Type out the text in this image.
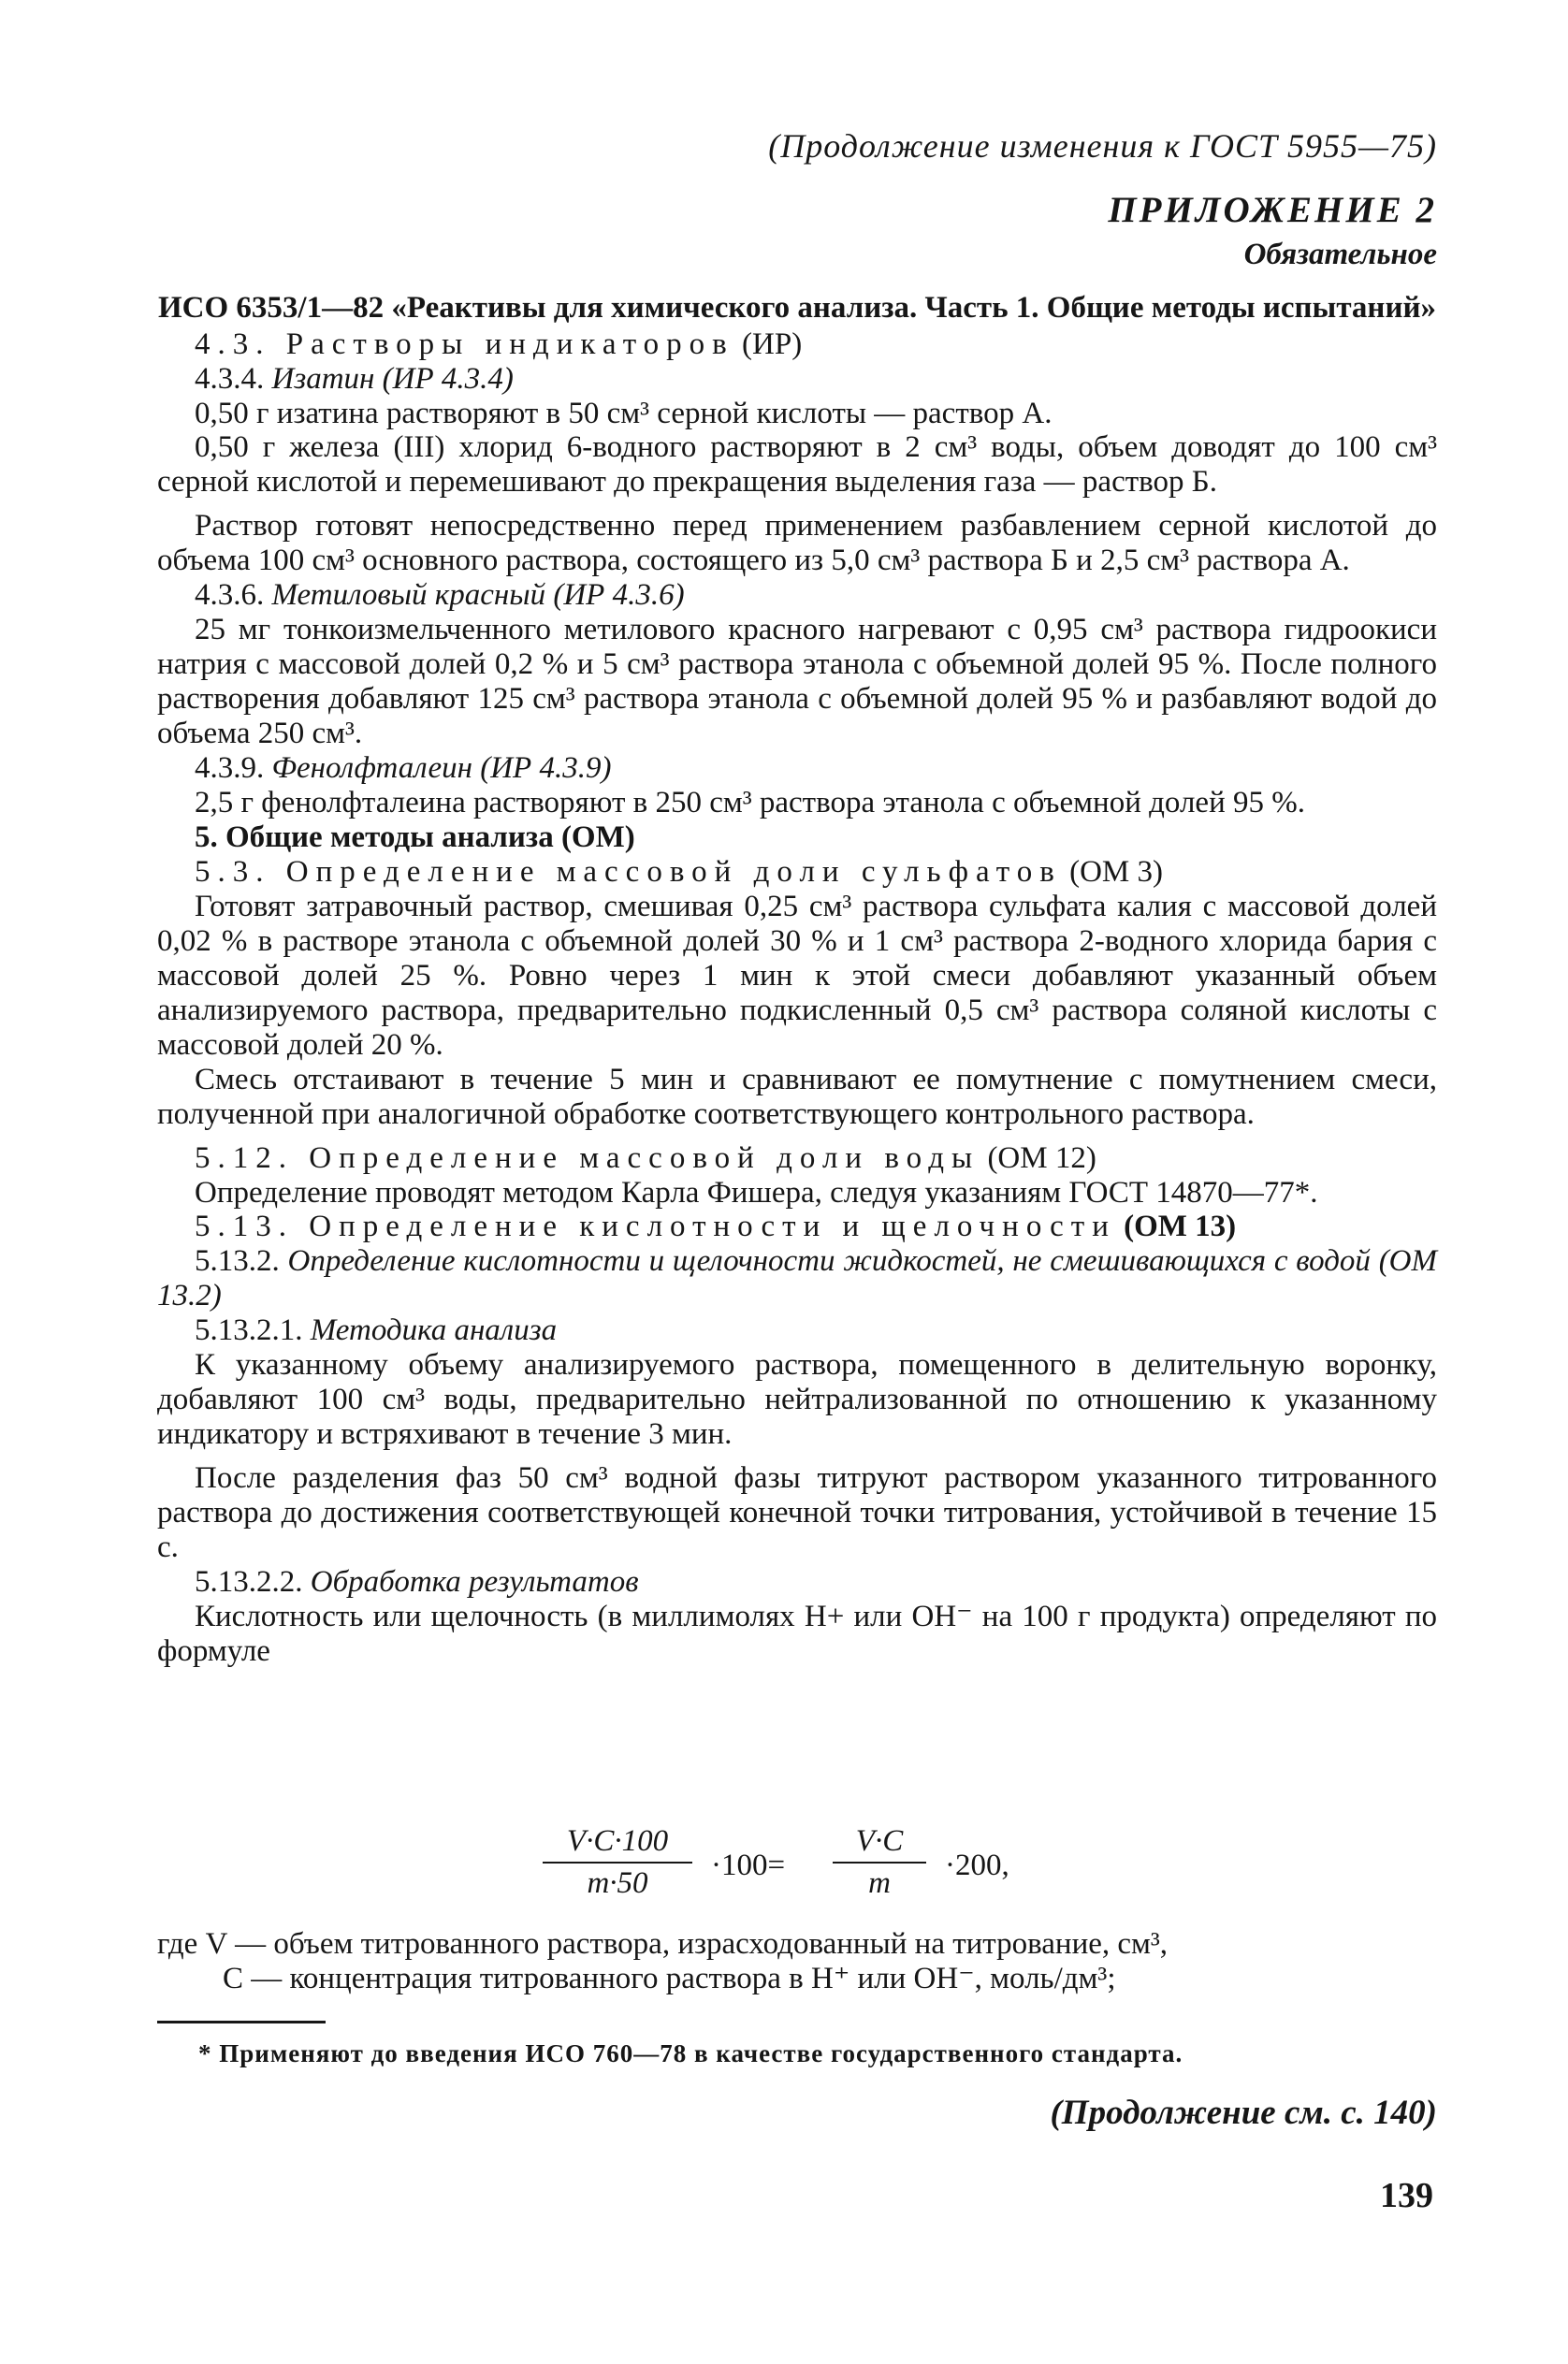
(Продолжение изменения к ГОСТ 5955—75)
ПРИЛОЖЕНИЕ 2
Обязательное

ИСО 6353/1—82 «Реактивы для химического анализа. Часть 1. Общие методы испытаний»

4.3. Растворы индикаторов (ИР)

4.3.4. Изатин (ИР 4.3.4)

0,50 г изатина растворяют в 50 см³ серной кислоты — раствор А.

0,50 г железа (III) хлорид 6-водного растворяют в 2 см³ воды, объем доводят до 100 см³ серной кислотой и перемешивают до прекращения выделения газа — раствор Б.

Раствор готовят непосредственно перед применением разбавлением серной кислотой до объема 100 см³ основного раствора, состоящего из 5,0 см³ раствора Б и 2,5 см³ раствора А.

4.3.6. Метиловый красный (ИР 4.3.6)

25 мг тонкоизмельченного метилового красного нагревают с 0,95 см³ раствора гидроокиси натрия с массовой долей 0,2 % и 5 см³ раствора этанола с объемной долей 95 %. После полного растворения добавляют 125 см³ раствора этанола с объемной долей 95 % и разбавляют водой до объема 250 см³.

4.3.9. Фенолфталеин (ИР 4.3.9)

2,5 г фенолфталеина растворяют в 250 см³ раствора этанола с объемной долей 95 %.

5. Общие методы анализа (ОМ)

5.3. Определение массовой доли сульфатов (ОМ 3)

Готовят затравочный раствор, смешивая 0,25 см³ раствора сульфата калия с массовой долей 0,02 % в растворе этанола с объемной долей 30 % и 1 см³ раствора 2-водного хлорида бария с массовой долей 25 %. Ровно через 1 мин к этой смеси добавляют указанный объем анализируемого раствора, предварительно подкисленный 0,5 см³ раствора соляной кислоты с массовой долей 20 %.

Смесь отстаивают в течение 5 мин и сравнивают ее помутнение с помутнением смеси, полученной при аналогичной обработке соответствующего контрольного раствора.

5.12. Определение массовой доли воды (ОМ 12)

Определение проводят методом Карла Фишера, следуя указаниям ГОСТ 14870—77*.

5.13. Определение кислотности и щелочности (ОМ 13)

5.13.2. Определение кислотности и щелочности жидкостей, не смешивающихся с водой (ОМ 13.2)

5.13.2.1. Методика анализа

К указанному объему анализируемого раствора, помещенного в делительную воронку, добавляют 100 см³ воды, предварительно нейтрализованной по отношению к указанному индикатору и встряхивают в течение 3 мин.

После разделения фаз 50 см³ водной фазы титруют раствором указанного титрованного раствора до достижения соответствующей конечной точки титрования, устойчивой в течение 15 с.

5.13.2.2. Обработка результатов

Кислотность или щелочность (в миллимолях H+ или OH⁻ на 100 г продукта) определяют по формуле

V·C·100
m·50
·100=
V·C
m
·200,

где V — объем титрованного раствора, израсходованный на титрование, см³,

C — концентрация титрованного раствора в H⁺ или OH⁻, моль/дм³;

* Применяют до введения ИСО 760—78 в качестве государственного стандарта.
(Продолжение см. с. 140)
139
